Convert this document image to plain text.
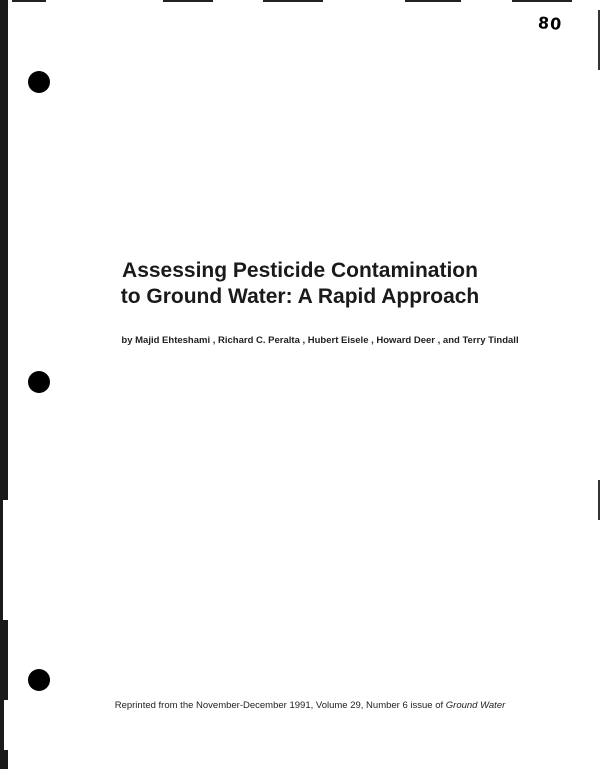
80
Assessing Pesticide Contamination
to Ground Water: A Rapid Approach
by Majid Ehteshami , Richard C. Peralta , Hubert Eisele , Howard Deer , and Terry Tindall
Reprinted from the November-December 1991, Volume 29, Number 6 issue of Ground Water
